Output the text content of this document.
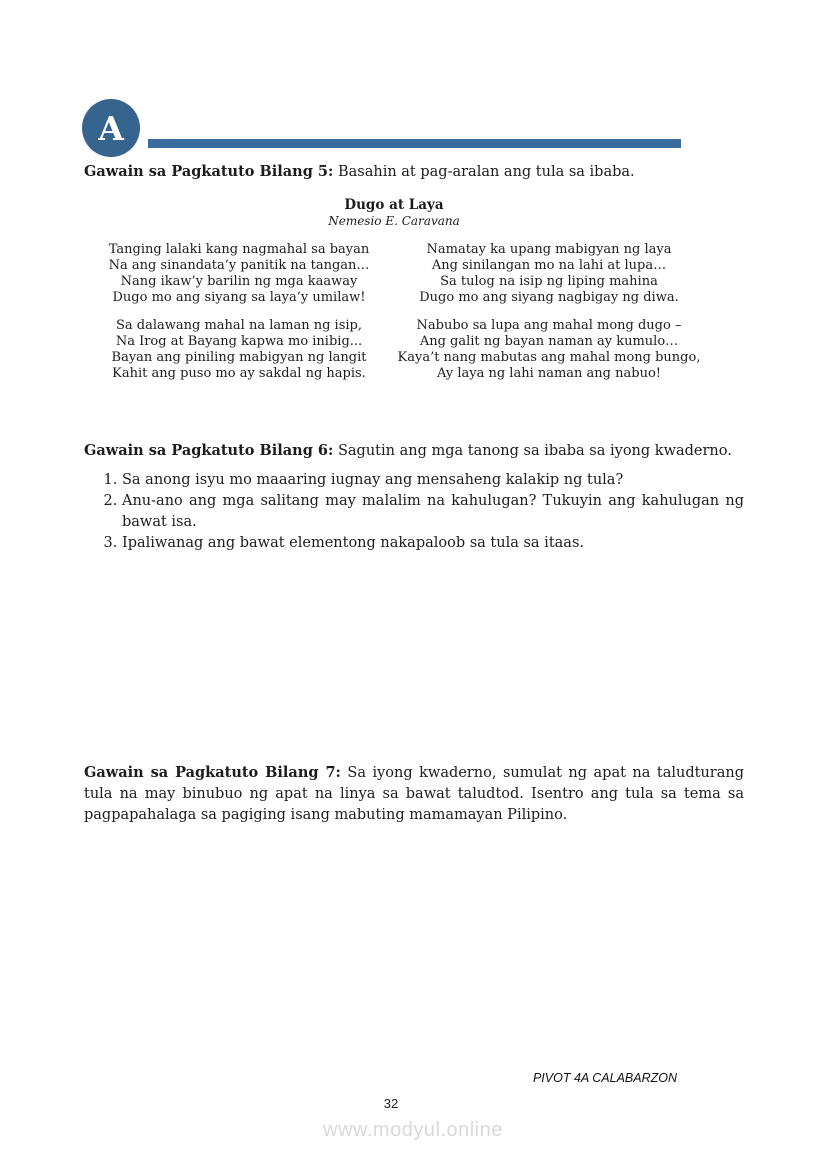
A

Gawain sa Pagkatuto Bilang 5: Basahin at pag-aralan ang tula sa ibaba.

Dugo at Laya
Nemesio E. Caravana
Tanging lalaki kang nagmahal sa bayan
Na ang sinandata’y panitik na tangan…
Nang ikaw’y barilin ng mga kaaway
Dugo mo ang siyang sa laya’y umilaw!
Sa dalawang mahal na laman ng isip,
Na Irog at Bayang kapwa mo inibig...
Bayan ang piniling mabigyan ng langit
Kahit ang puso mo ay sakdal ng hapis.
Namatay ka upang mabigyan ng laya
Ang sinilangan mo na lahi at lupa…
Sa tulog na isip ng liping mahina
Dugo mo ang siyang nagbigay ng diwa.
Nabubo sa lupa ang mahal mong dugo –
Ang galit ng bayan naman ay kumulo…
Kaya’t nang mabutas ang mahal mong bungo,
Ay laya ng lahi naman ang nabuo!

Gawain sa Pagkatuto Bilang 6: Sagutin ang mga tanong sa ibaba sa iyong kwaderno.

1. Sa anong isyu mo maaaring iugnay ang mensaheng kalakip ng tula?
2. Anu-ano ang mga salitang may malalim na kahulugan? Tukuyin ang kahulugan ng bawat isa.
3. Ipaliwanag ang bawat elementong nakapaloob sa tula sa itaas.

Gawain sa Pagkatuto Bilang 7: Sa iyong kwaderno, sumulat ng apat na taludturang tula na may binubuo ng apat na linya sa bawat taludtod. Isentro ang tula sa tema sa pagpapahalaga sa pagiging isang mabuting mamamayan Pilipino.

PIVOT 4A CALABARZON
32
www.modyul.online
